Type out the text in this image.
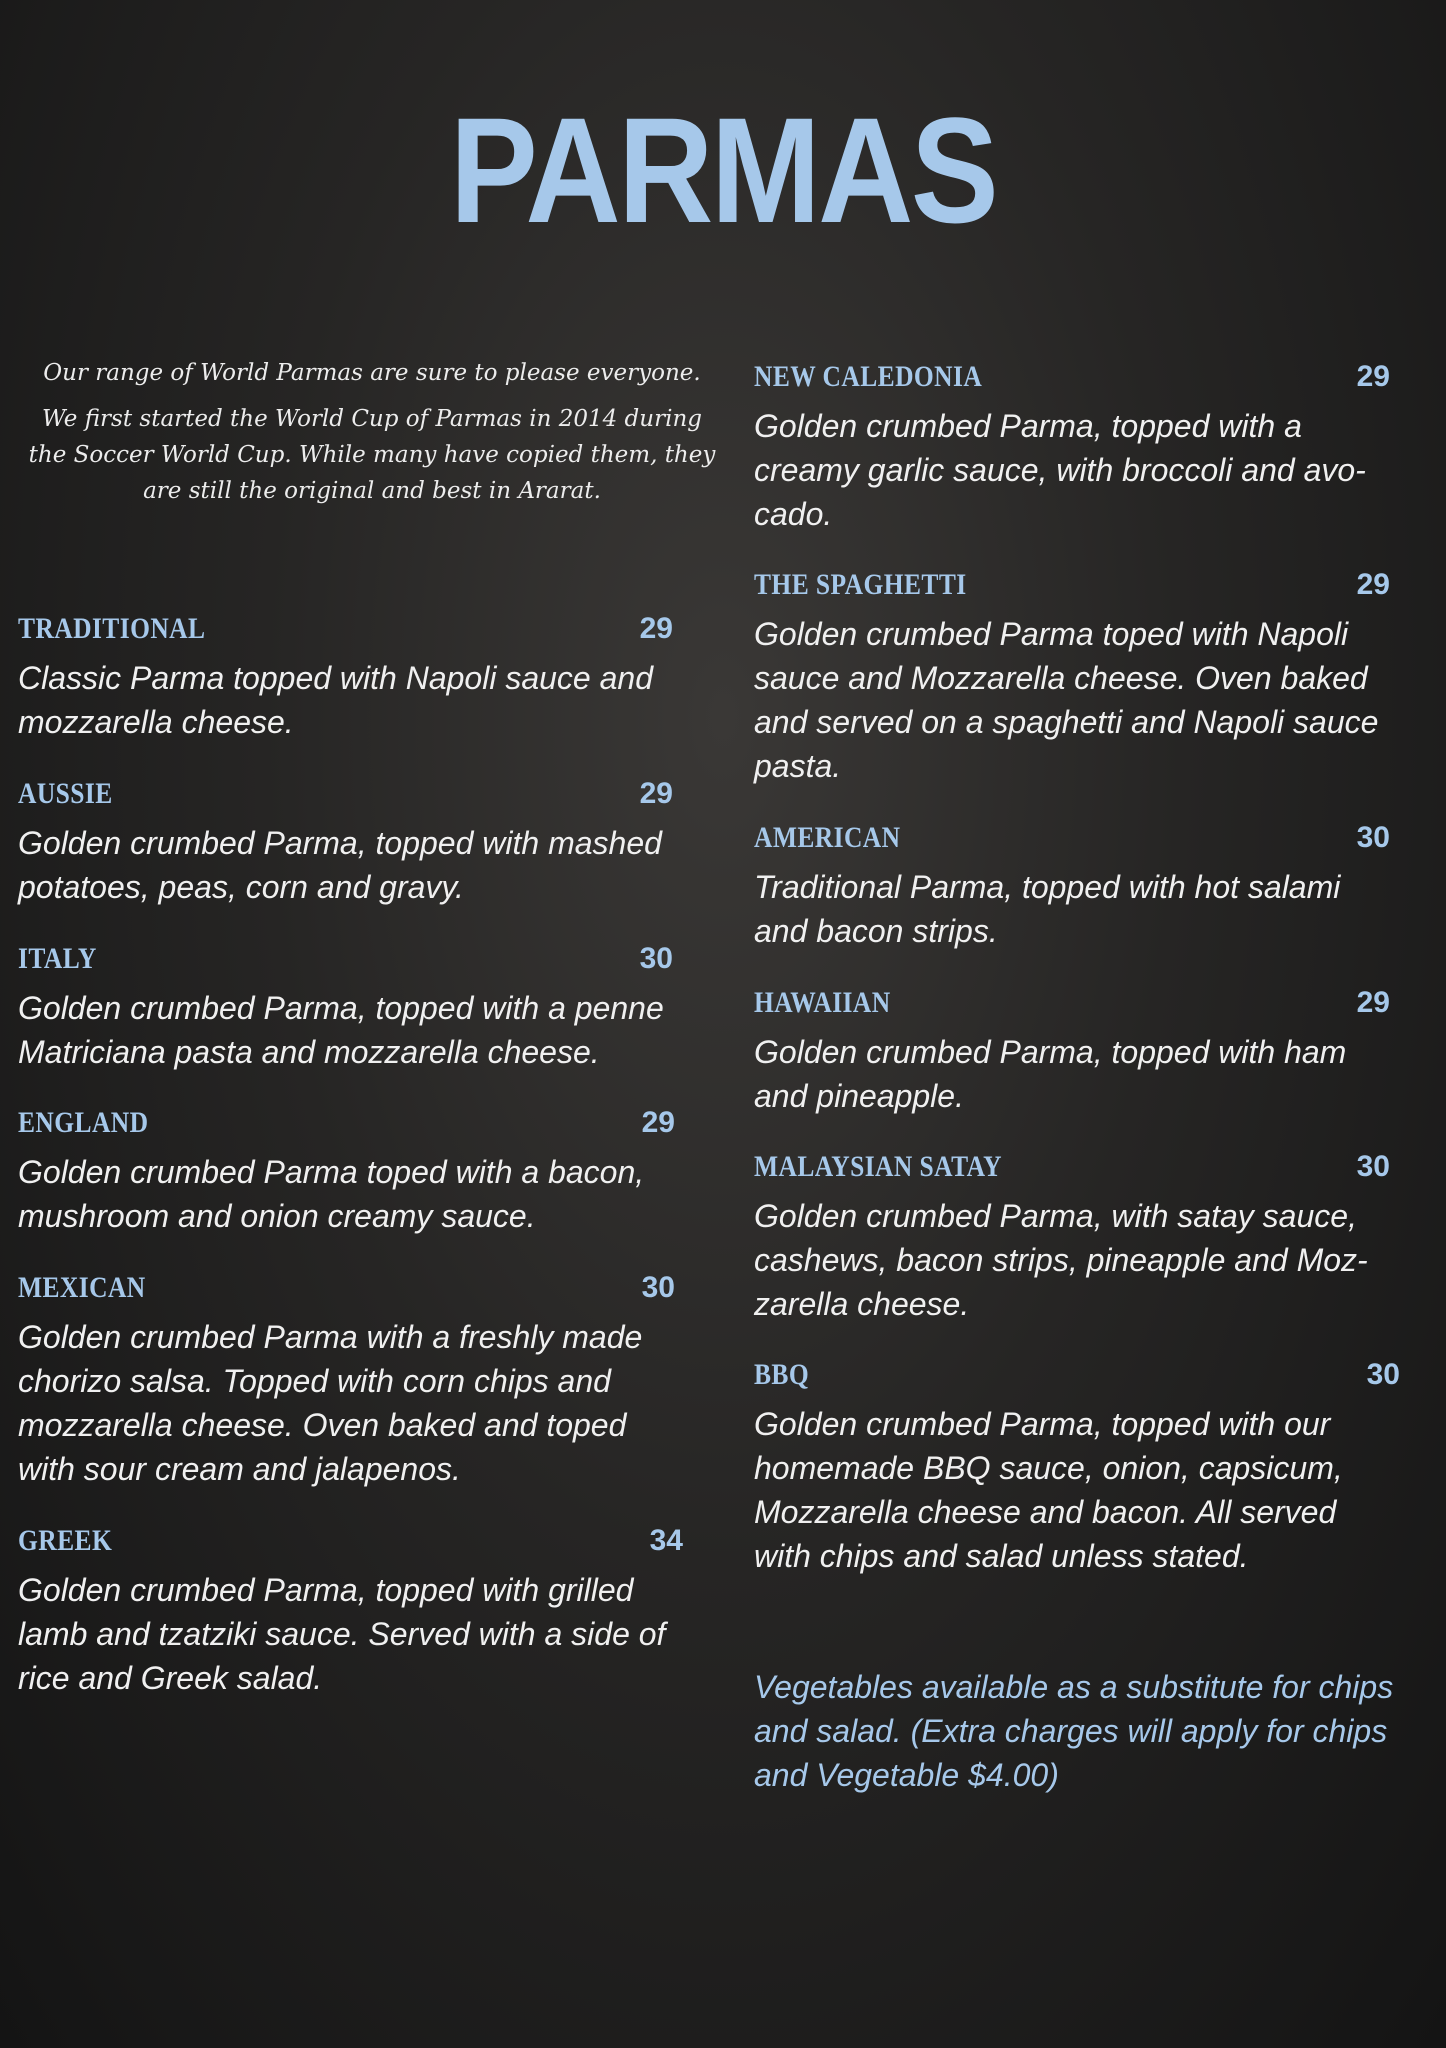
PARMAS

Our range of World Parmas are sure to please everyone.

We first started the World Cup of Parmas in 2014 during the Soccer World Cup. While many have copied them, they are still the original and best in Ararat.

TRADITIONAL	29
Classic Parma topped with Napoli sauce and mozzarella cheese.
AUSSIE	29
Golden crumbed Parma, topped with mashed potatoes, peas, corn and gravy.
ITALY	30
Golden crumbed Parma, topped with a penne Matriciana pasta and mozzarella cheese.
ENGLAND	29
Golden crumbed Parma toped with a bacon, mushroom and onion creamy sauce.
MEXICAN	30
Golden crumbed Parma with a freshly made chorizo salsa. Topped with corn chips and mozzarella cheese. Oven baked and toped with sour cream and jalapenos.
GREEK	34
Golden crumbed Parma, topped with grilled lamb and tzatziki sauce. Served with a side of rice and Greek salad.
NEW CALEDONIA	29
Golden crumbed Parma, topped with a creamy garlic sauce, with broccoli and avo-cado.
THE SPAGHETTI	29
Golden crumbed Parma toped with Napoli sauce and Mozzarella cheese. Oven baked and served on a spaghetti and Napoli sauce pasta.
AMERICAN	30
Traditional Parma, topped with hot salami and bacon strips.
HAWAIIAN	29
Golden crumbed Parma, topped with ham and pineapple.
MALAYSIAN SATAY	30
Golden crumbed Parma, with satay sauce, cashews, bacon strips, pineapple and Moz-zarella cheese.
BBQ	30
Golden crumbed Parma, topped with our homemade BBQ sauce, onion, capsicum, Mozzarella cheese and bacon. All served with chips and salad unless stated.
Vegetables available as a substitute for chips and salad. (Extra charges will apply for chips and Vegetable $4.00)
